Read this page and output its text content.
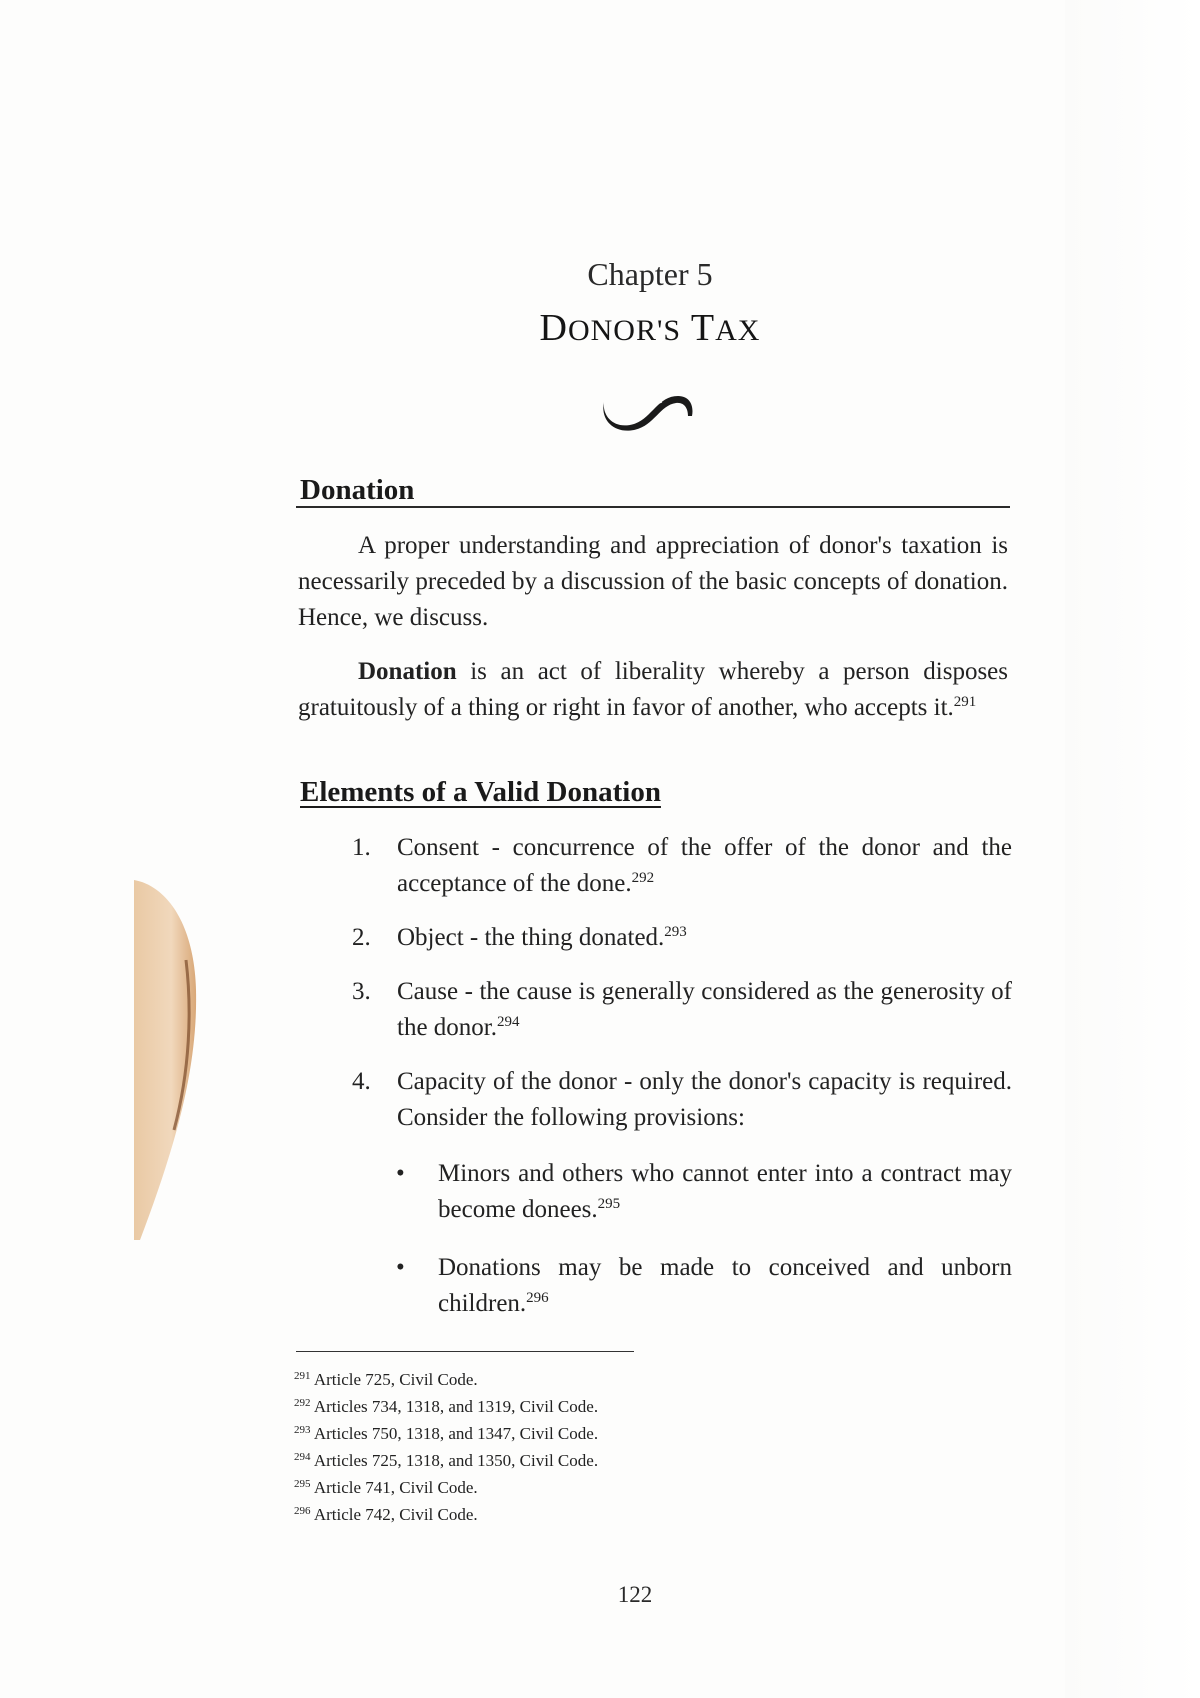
Chapter 5
DONOR'S TAX
Donation
A proper understanding and appreciation of donor's taxation is necessarily preceded by a discussion of the basic concepts of donation. Hence, we discuss.
Donation is an act of liberality whereby a person disposes gratuitously of a thing or right in favor of another, who accepts it.$^{291}$
Elements of a Valid Donation
1.	Consent - concurrence of the offer of the donor and the acceptance of the done.$^{292}$
2.	Object - the thing donated.$^{293}$
3.	Cause - the cause is generally considered as the generosity of the donor.$^{294}$
4.	Capacity of the donor - only the donor's capacity is required. Consider the following provisions:
• Minors and others who cannot enter into a contract may become donees.$^{295}$
• Donations may be made to conceived and unborn children.$^{296}$
$^{291}$ Article 725, Civil Code.
$^{292}$ Articles 734, 1318, and 1319, Civil Code.
$^{293}$ Articles 750, 1318, and 1347, Civil Code.
$^{294}$ Articles 725, 1318, and 1350, Civil Code.
$^{295}$ Article 741, Civil Code.
$^{296}$ Article 742, Civil Code.
122
